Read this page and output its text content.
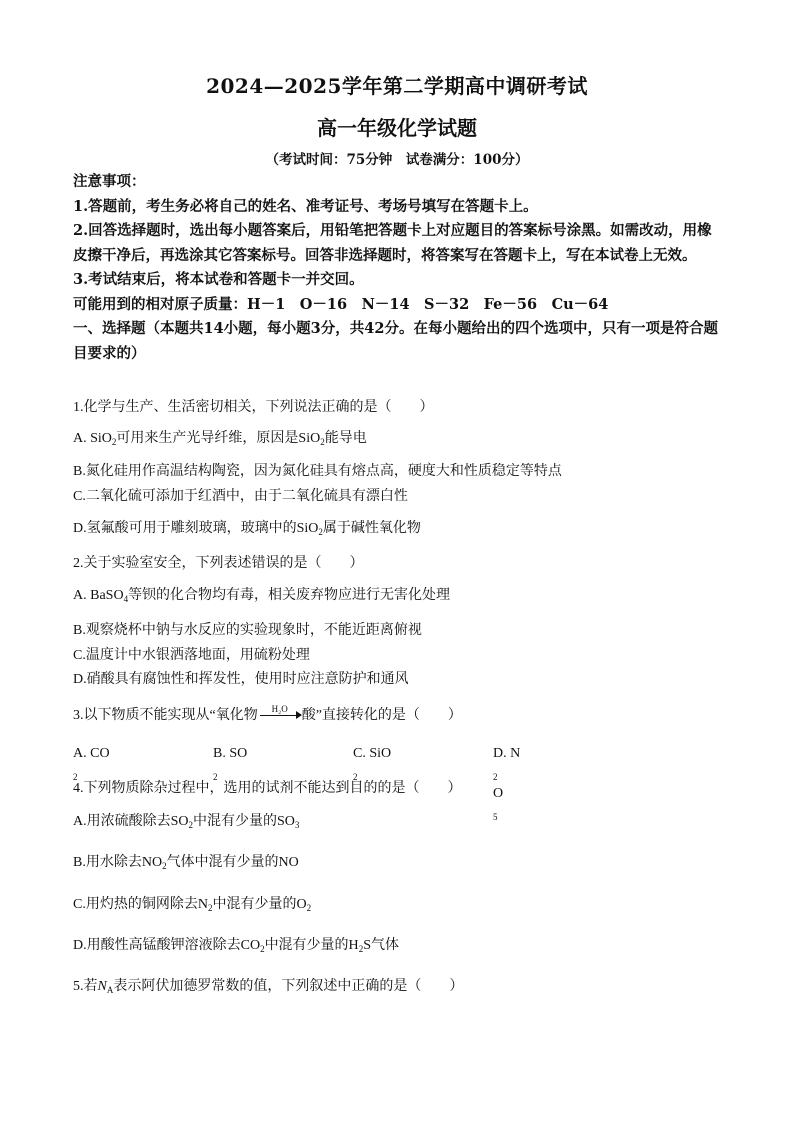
2024—2025学年第二学期高中调研考试
高一年级化学试题
（考试时间：75分钟　试卷满分：100分）

注意事项：

1.答题前，考生务必将自己的姓名、准考证号、考场号填写在答题卡上。

2.回答选择题时，选出每小题答案后，用铅笔把答题卡上对应题目的答案标号涂黑。如需改动，用橡皮擦干净后，再选涂其它答案标号。回答非选择题时，将答案写在答题卡上，写在本试卷上无效。

3.考试结束后，将本试卷和答题卡一并交回。

可能用到的相对原子质量：H－1　O－16　N－14　S－32　Fe－56　Cu－64

一、选择题（本题共14小题，每小题3分，共42分。在每小题给出的四个选项中，只有一项是符合题目要求的）

1.化学与生产、生活密切相关，下列说法正确的是（　　）
A. SiO$_2$可用来生产光导纤维，原因是SiO$_2$能导电
B.氮化硅用作高温结构陶瓷，因为氮化硅具有熔点高，硬度大和性质稳定等特点
C.二氧化硫可添加于红酒中，由于二氧化硫具有漂白性
D.氢氟酸可用于雕刻玻璃，玻璃中的SiO$_2$属于碱性氧化物
2.关于实验室安全，下列表述错误的是（　　）
A. BaSO$_4$等钡的化合物均有毒，相关废弃物应进行无害化处理
B.观察烧杯中钠与水反应的实验现象时，不能近距离俯视
C.温度计中水银洒落地面，用硫粉处理
D.硝酸具有腐蚀性和挥发性，使用时应注意防护和通风
3.以下物质不能实现从“氧化物	H₂O 酸”直接转化的是（　　）
A. $CO_2$
B. $SO_2$
C. SiO$_2$
D. $N_2O_5$
4.下列物质除杂过程中，选用的试剂不能达到目的的是（　　）
A.用浓硫酸除去$SO_2$中混有少量的$SO_3$
B.用水除去$NO_2$气体中混有少量的NO
C.用灼热的铜网除去$N_2$中混有少量的$O_2$
D.用酸性高锰酸钾溶液除去$CO_2$中混有少量的$H_2S$气体
5.若$N_A$表示阿伏加德罗常数的值，下列叙述中正确的是（　　）
